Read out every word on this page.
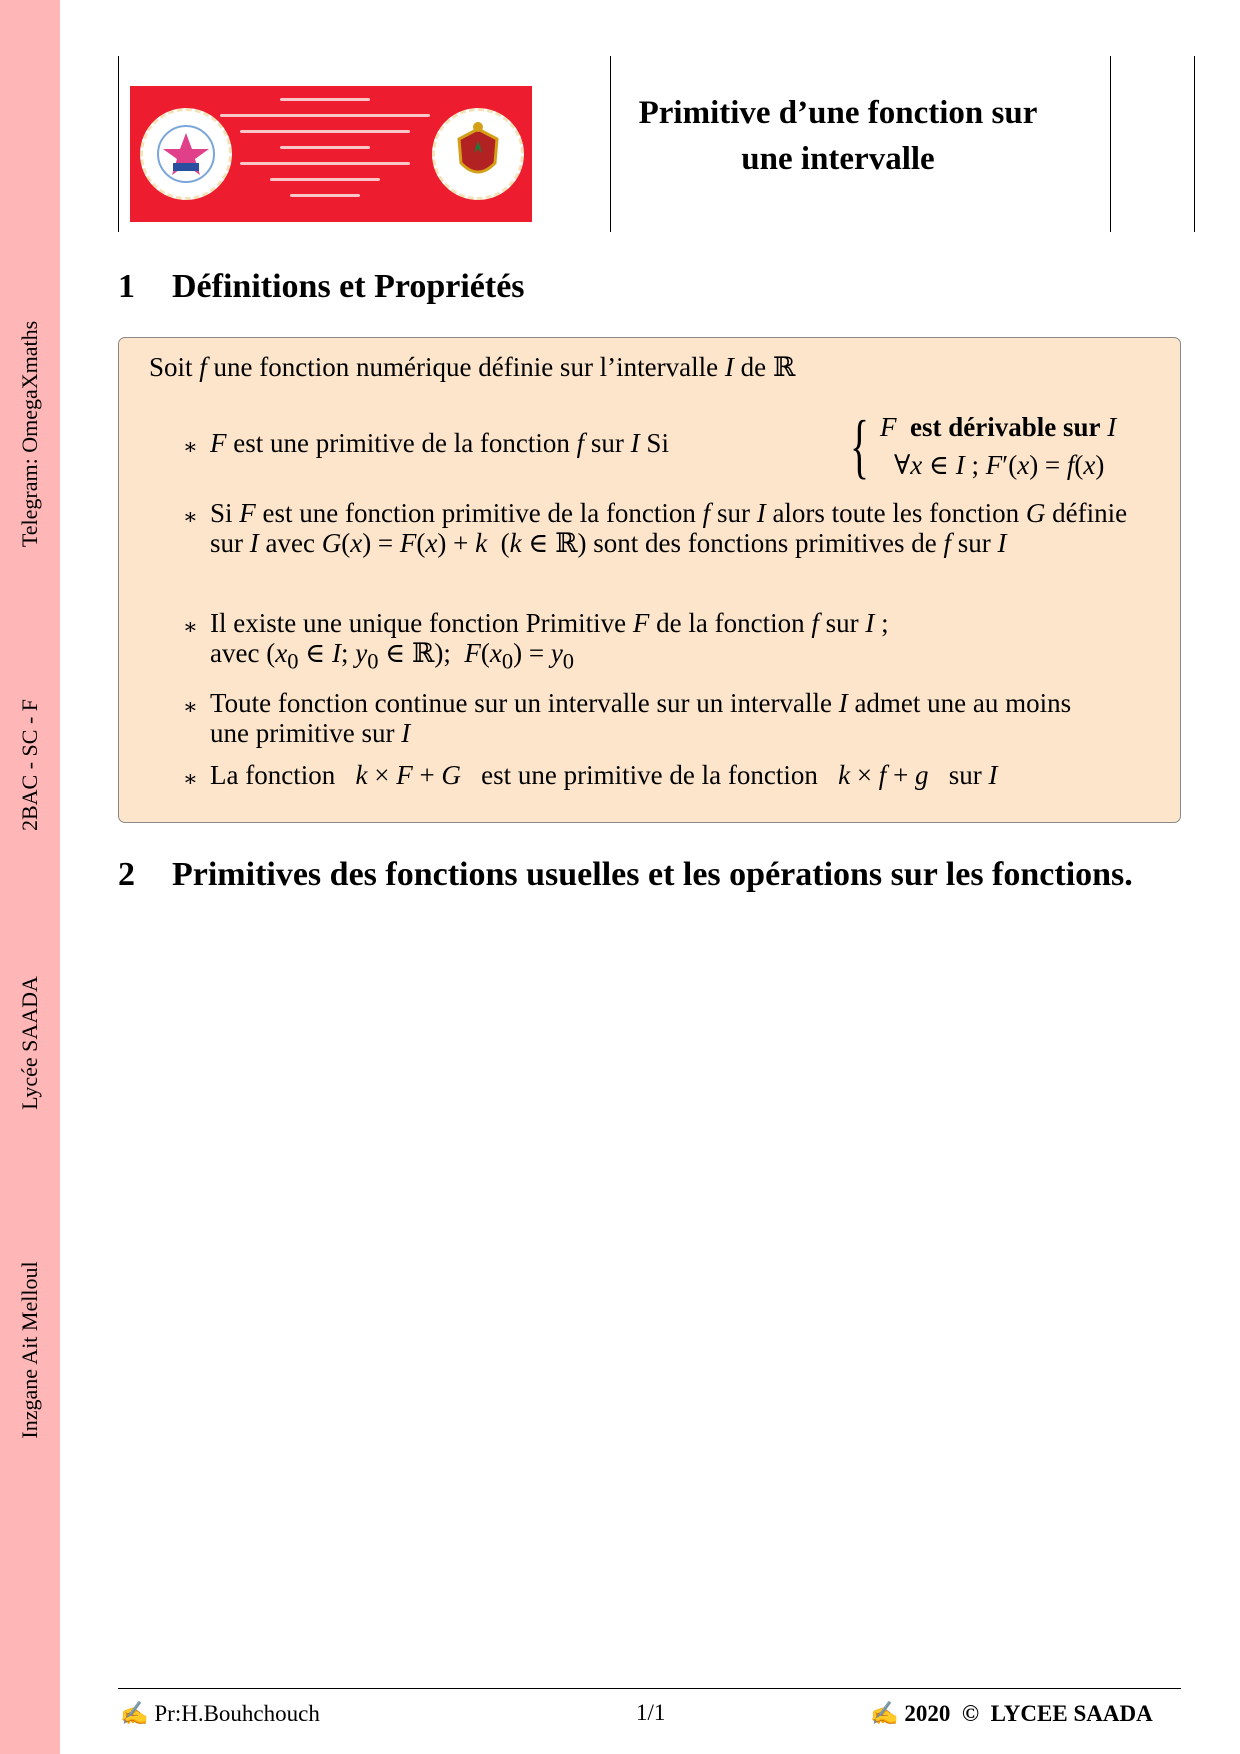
Telegram: OmegaXmaths
2BAC - SC - F
Lycée SAADA
Inzgane Ait Melloul
Primitive d’une fonction sur
une intervalle
1 Définitions et Propriétés
Soit f une fonction numérique définie sur l’intervalle I de ℝ
∗ F est une primitive de la fonction f sur I Si	{ F est dérivable sur I
∀x ∈ I ; F′(x) = f(x)
∗ Si F est une fonction primitive de la fonction f sur I alors toute les fonction G définie sur I avec G(x) = F(x) + k  (k ∈ ℝ) sont des fonctions primitives de f sur I
∗ Il existe une unique fonction Primitive F de la fonction f sur I ;
avec ($x_0$ ∈ I; $y_0$ ∈ ℝ);  $F(x_0) = y_0$
∗ Toute fonction continue sur un intervalle sur un intervalle I admet une au moins
une primitive sur I
∗ La fonction k × F + G est une primitive de la fonction k × f + g sur I
2 Primitives des fonctions usuelles et les opérations sur les fonctions.
✍ Pr:H.Bouhchouch	1/1	✍ 2020 © LYCEE SAADA
